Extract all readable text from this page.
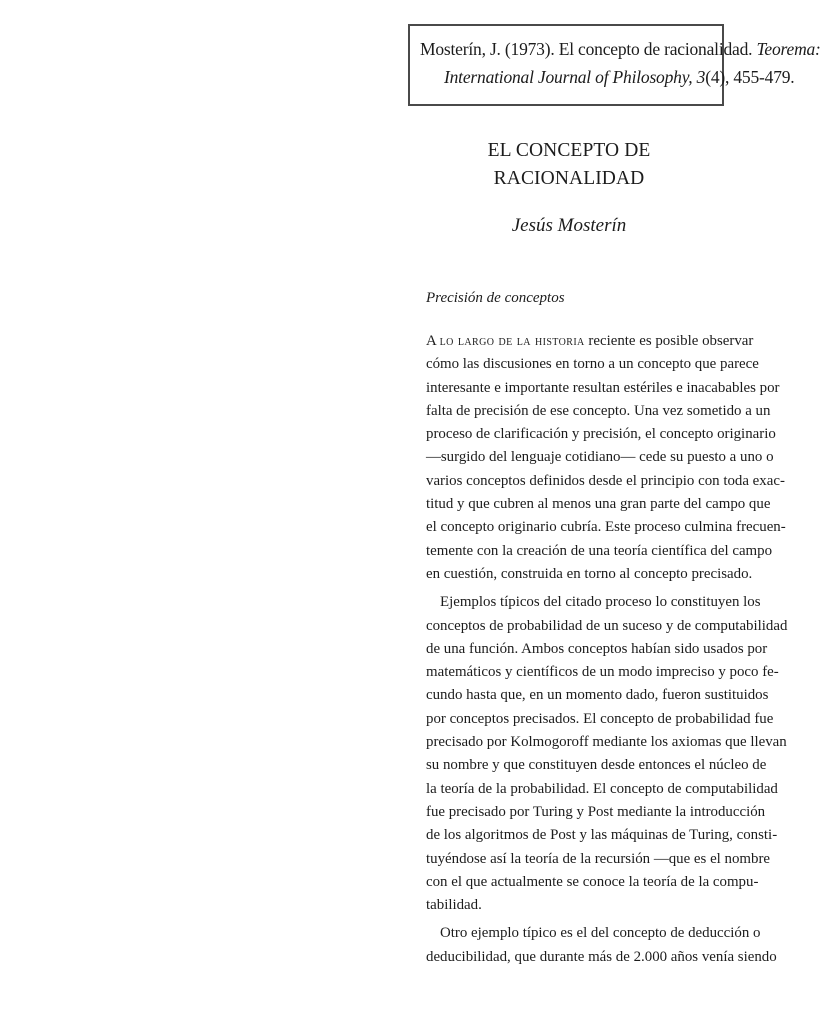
Mosterín, J. (1973). El concepto de racionalidad. Teorema:
International Journal of Philosophy, 3(4), 455-479.
EL CONCEPTO DE RACIONALIDAD
Jesús Mosterín
Precisión de conceptos

A lo largo de la historia reciente es posible observar
cómo las discusiones en torno a un concepto que parece
interesante e importante resultan estériles e inacabables por
falta de precisión de ese concepto. Una vez sometido a un
proceso de clarificación y precisión, el concepto originario
—surgido del lenguaje cotidiano— cede su puesto a uno o
varios conceptos definidos desde el principio con toda exac-
titud y que cubren al menos una gran parte del campo que
el concepto originario cubría. Este proceso culmina frecuen-
temente con la creación de una teoría científica del campo
en cuestión, construida en torno al concepto precisado.

Ejemplos típicos del citado proceso lo constituyen los
conceptos de probabilidad de un suceso y de computabilidad
de una función. Ambos conceptos habían sido usados por
matemáticos y científicos de un modo impreciso y poco fe-
cundo hasta que, en un momento dado, fueron sustituidos
por conceptos precisados. El concepto de probabilidad fue
precisado por Kolmogoroff mediante los axiomas que llevan
su nombre y que constituyen desde entonces el núcleo de
la teoría de la probabilidad. El concepto de computabilidad
fue precisado por Turing y Post mediante la introducción
de los algoritmos de Post y las máquinas de Turing, consti-
tuyéndose así la teoría de la recursión —que es el nombre
con el que actualmente se conoce la teoría de la compu-
tabilidad.

Otro ejemplo típico es el del concepto de deducción o
deducibilidad, que durante más de 2.000 años venía siendo
